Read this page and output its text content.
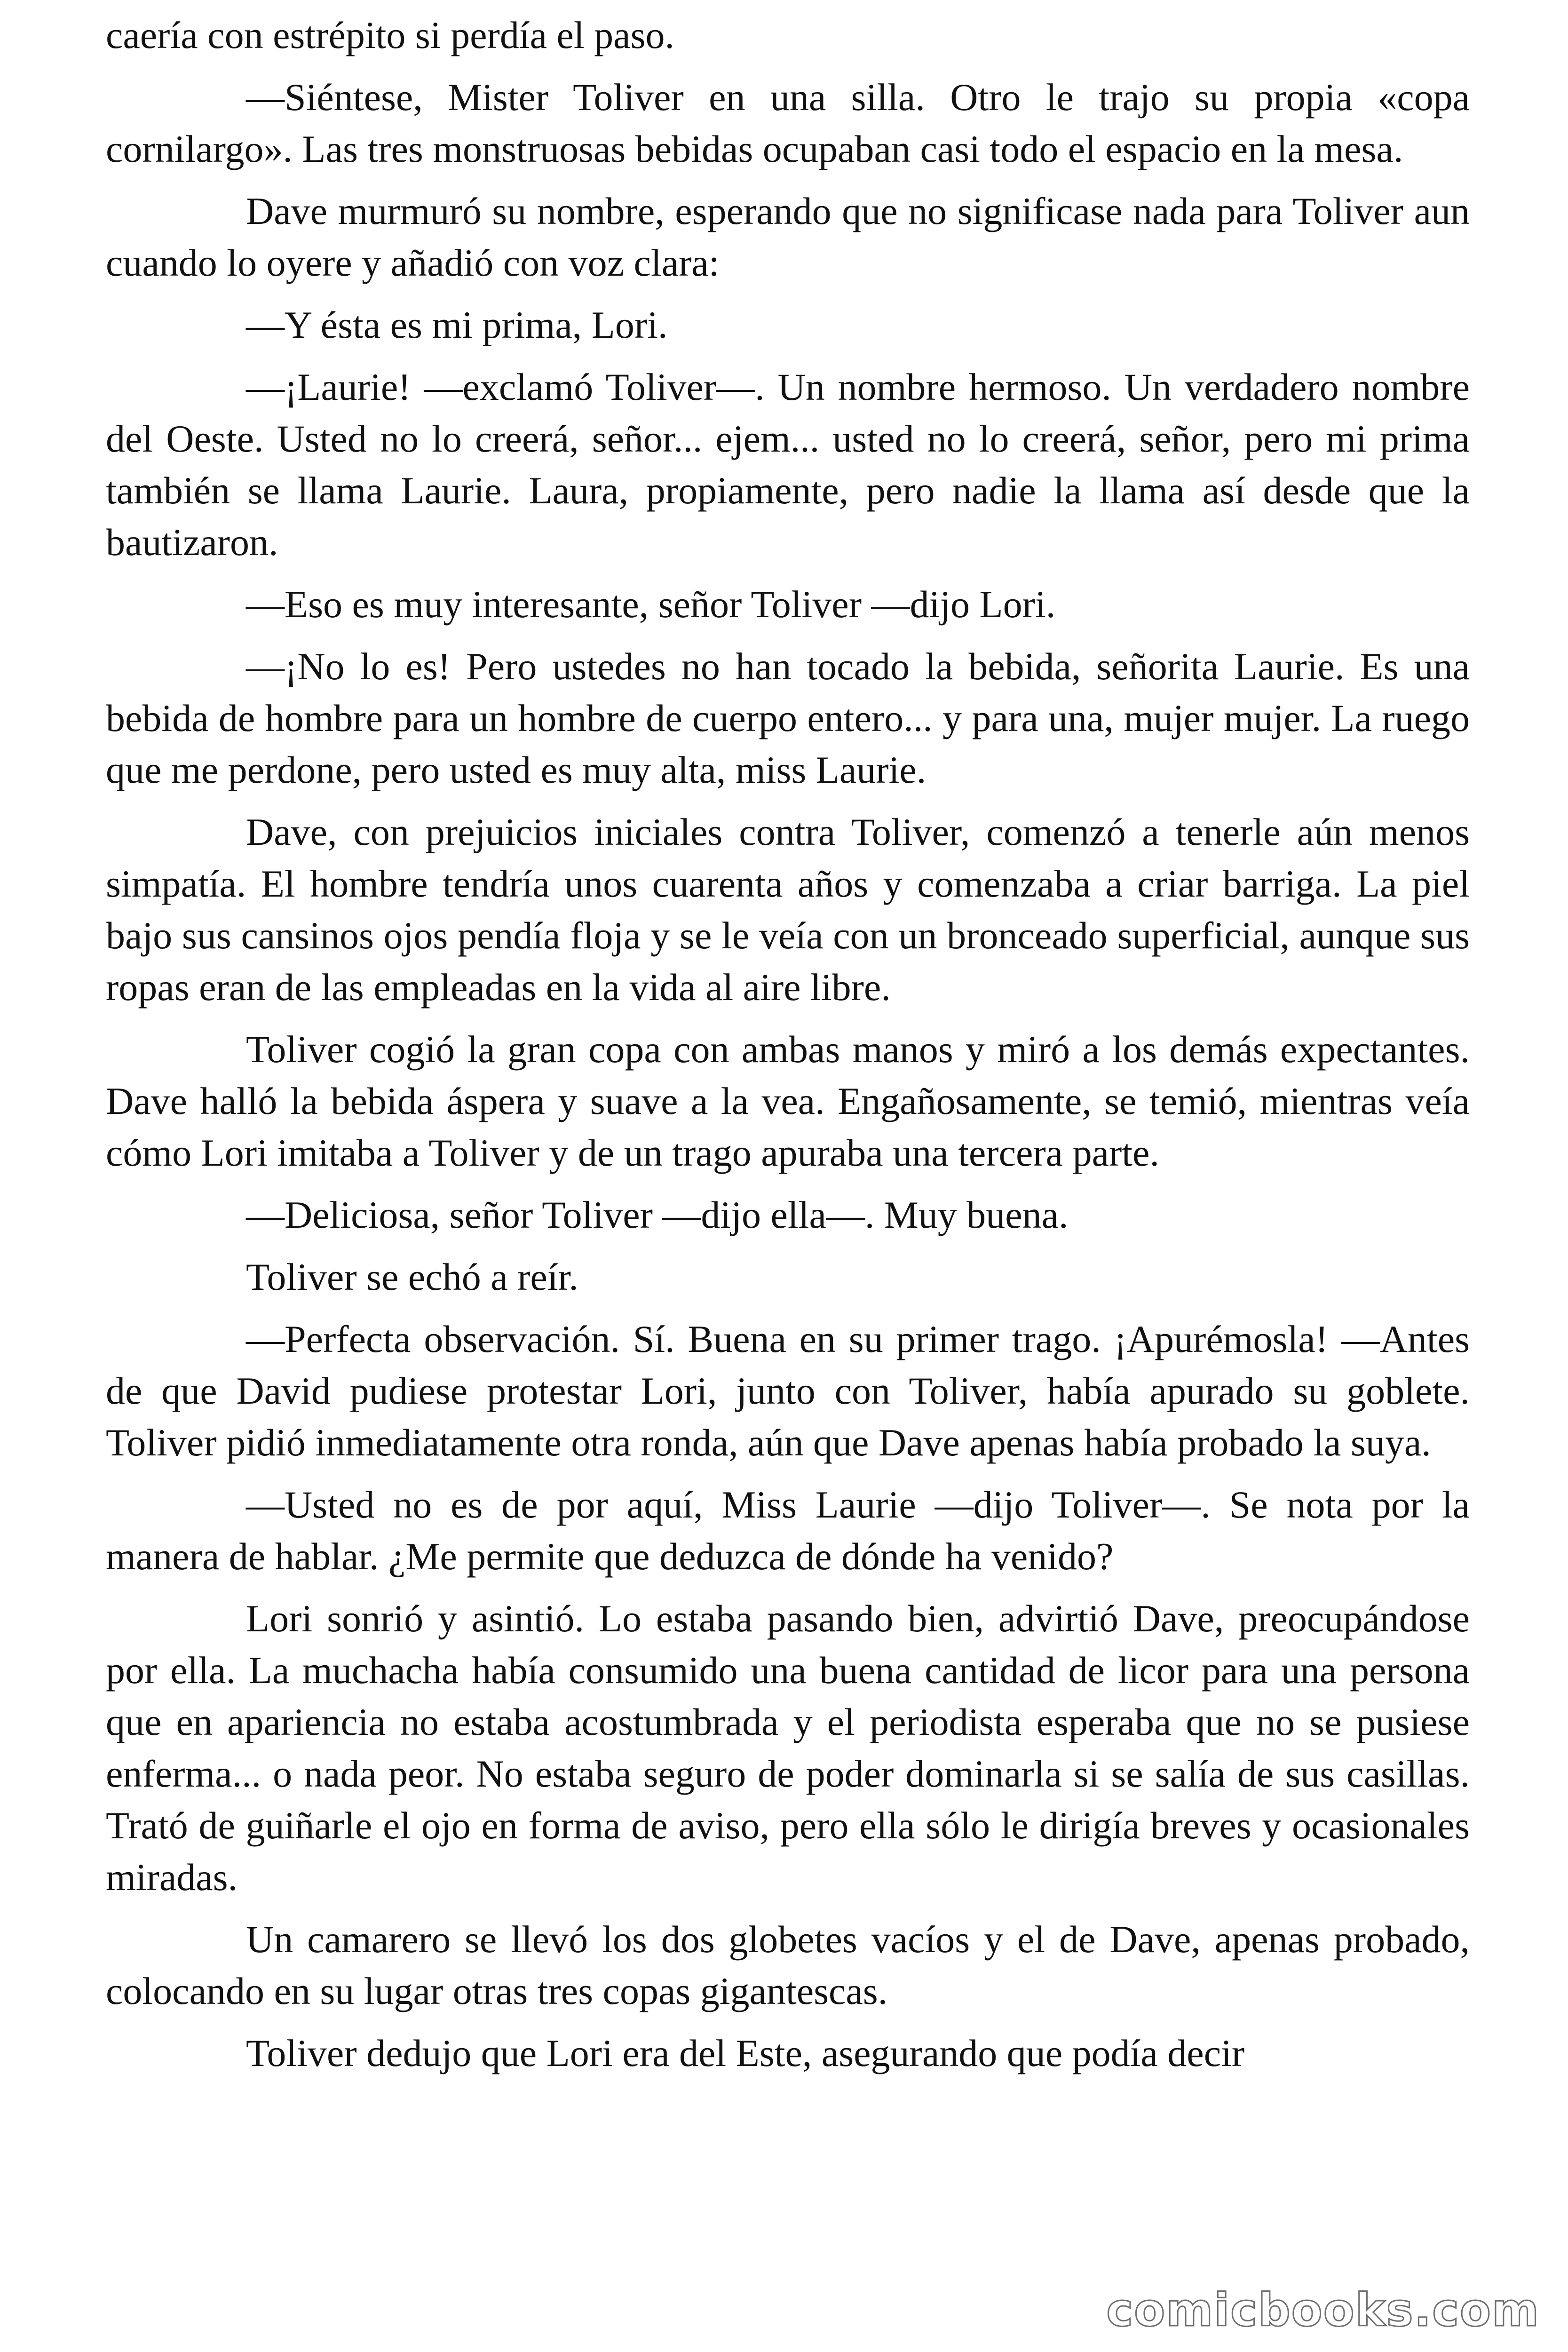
caería con estrépito si perdía el paso.

—Siéntese, Mister Toliver en una silla. Otro le trajo su propia «copa cornilargo». Las tres monstruosas bebidas ocupaban casi todo el espacio en la mesa.

Dave murmuró su nombre, esperando que no significase nada para Toliver aun cuando lo oyere y añadió con voz clara:

—Y ésta es mi prima, Lori.

—¡Laurie! —exclamó Toliver—. Un nombre hermoso. Un verdadero nombre del Oeste. Usted no lo creerá, señor... ejem... usted no lo creerá, señor, pero mi prima también se llama Laurie. Laura, propiamente, pero nadie la llama así desde que la bautizaron.

—Eso es muy interesante, señor Toliver —dijo Lori.

—¡No lo es! Pero ustedes no han tocado la bebida, señorita Laurie. Es una bebida de hombre para un hombre de cuerpo entero... y para una, mujer mujer. La ruego que me perdone, pero usted es muy alta, miss Laurie.

Dave, con prejuicios iniciales contra Toliver, comenzó a tenerle aún menos simpatía. El hombre tendría unos cuarenta años y comenzaba a criar barriga. La piel bajo sus cansinos ojos pendía floja y se le veía con un bronceado superficial, aunque sus ropas eran de las empleadas en la vida al aire libre.

Toliver cogió la gran copa con ambas manos y miró a los demás expectantes. Dave halló la bebida áspera y suave a la vea. Engañosamente, se temió, mientras veía cómo Lori imitaba a Toliver y de un trago apuraba una tercera parte.

—Deliciosa, señor Toliver —dijo ella—. Muy buena.

Toliver se echó a reír.

—Perfecta observación. Sí. Buena en su primer trago. ¡Apurémosla! —Antes de que David pudiese protestar Lori, junto con Toliver, había apurado su goblete. Toliver pidió inmediatamente otra ronda, aún que Dave apenas había probado la suya.

—Usted no es de por aquí, Miss Laurie —dijo Toliver—. Se nota por la manera de hablar. ¿Me permite que deduzca de dónde ha venido?

Lori sonrió y asintió. Lo estaba pasando bien, advirtió Dave, preocupándose por ella. La muchacha había consumido una buena cantidad de licor para una persona que en apariencia no estaba acostumbrada y el periodista esperaba que no se pusiese enferma... o nada peor. No estaba seguro de poder dominarla si se salía de sus casillas. Trató de guiñarle el ojo en forma de aviso, pero ella sólo le dirigía breves y ocasionales miradas.

Un camarero se llevó los dos globetes vacíos y el de Dave, apenas probado, colocando en su lugar otras tres copas gigantescas.

Toliver dedujo que Lori era del Este, asegurando que podía decir

comicbooks.com
